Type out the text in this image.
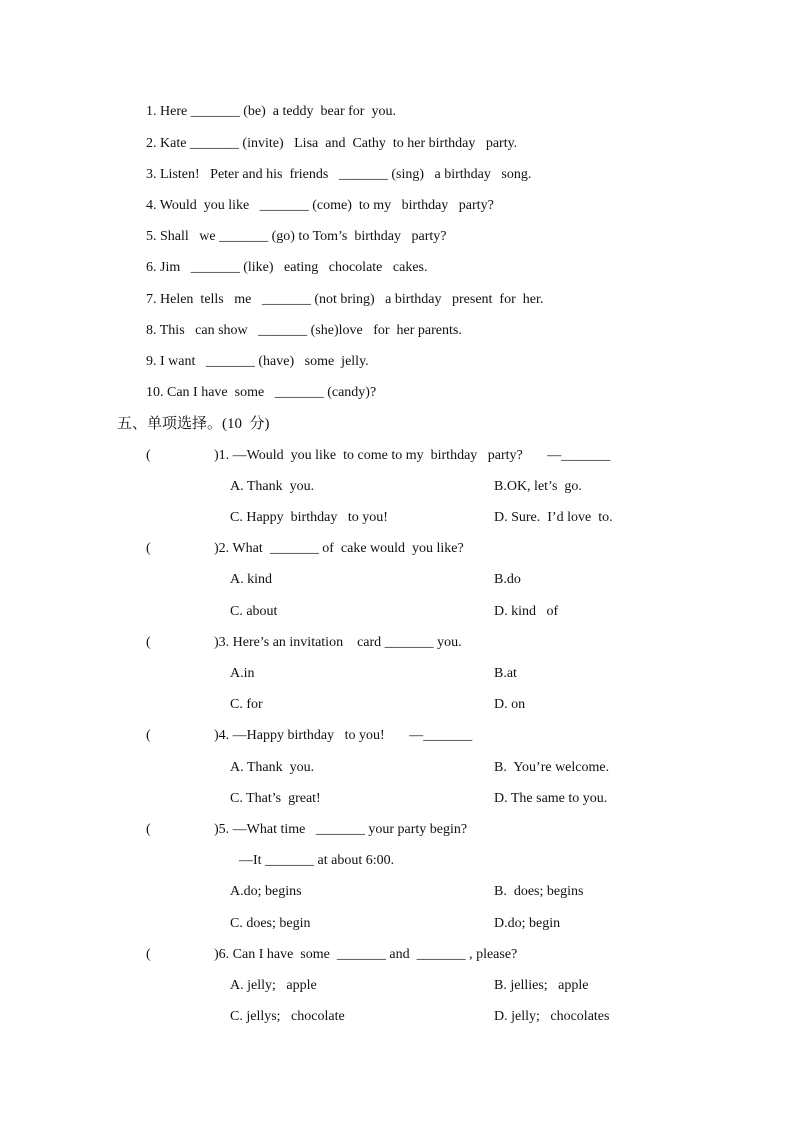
1. Here _______ (be)  a teddy  bear for  you.
2. Kate _______ (invite)   Lisa  and  Cathy  to her birthday   party.
3. Listen!   Peter and his  friends   _______ (sing)   a birthday   song.
4. Would  you like   _______ (come)  to my   birthday   party?
5. Shall   we _______ (go) to Tom’s  birthday   party?
6. Jim   _______ (like)   eating   chocolate   cakes.
7. Helen  tells   me   _______ (not bring)   a birthday   present  for  her.
8. This   can show   _______ (she)love   for  her parents.
9. I want   _______ (have)   some  jelly.
10. Can I have  some   _______ (candy)?
五、单项选择。(10  分)
(	)1. —Would  you like  to come to my  birthday   party?       —_______
A. Thank  you.	B.OK, let’s  go.
C. Happy  birthday   to you!	D. Sure.  I’d love  to.
(	)2. What  _______ of  cake would  you like?
A. kind	B.do
C. about	D. kind   of
(	)3. Here’s an invitation    card _______ you.
A.in	B.at
C. for	D. on
(	)4. —Happy birthday   to you!       —_______
A. Thank  you.	B.  You’re welcome.
C. That’s  great!	D. The same to you.
(	)5. —What time   _______ your party begin?
—It _______ at about 6:00.
A.do; begins	B.  does; begins
C. does; begin	D.do; begin
(	)6. Can I have  some  _______ and  _______ , please?
A. jelly;   apple	B. jellies;   apple
C. jellys;   chocolate	D. jelly;   chocolates
